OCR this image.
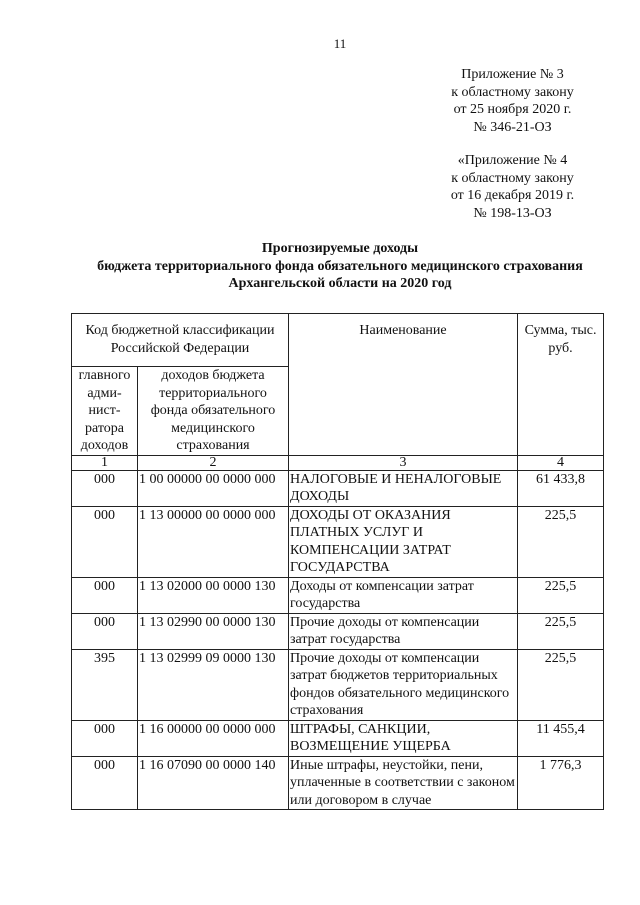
11
Приложение № 3
к областному закону
от 25 ноября 2020 г.
№ 346-21-ОЗ
«Приложение № 4
к областному закону
от 16 декабря 2019 г.
№ 198-13-ОЗ
Прогнозируемые доходы
бюджета территориального фонда обязательного медицинского страхования
Архангельской области на 2020 год
Код бюджетной классификации Российской Федерации		Наименование	Сумма, тыс. руб.
главного адми-нист-ратора доходов	доходов бюджета территориального фонда обязательного медицинского страхования		
1	2	3	4
000	1 00 00000 00 0000 000	НАЛОГОВЫЕ И НЕНАЛОГОВЫЕ ДОХОДЫ	61 433,8
000	1 13 00000 00 0000 000	ДОХОДЫ ОТ ОКАЗАНИЯ ПЛАТНЫХ УСЛУГ И КОМПЕНСАЦИИ ЗАТРАТ ГОСУДАРСТВА	225,5
000	1 13 02000 00 0000 130	Доходы от компенсации затрат государства	225,5
000	1 13 02990 00 0000 130	Прочие доходы от компенсации затрат государства	225,5
395	1 13 02999 09 0000 130	Прочие доходы от компенсации затрат бюджетов территориальных фондов обязательного медицинского страхования	225,5
000	1 16 00000 00 0000 000	ШТРАФЫ, САНКЦИИ, ВОЗМЕЩЕНИЕ УЩЕРБА	11 455,4
000	1 16 07090 00 0000 140	Иные штрафы, неустойки, пени, уплаченные в соответствии с законом или договором в случае	1 776,3
